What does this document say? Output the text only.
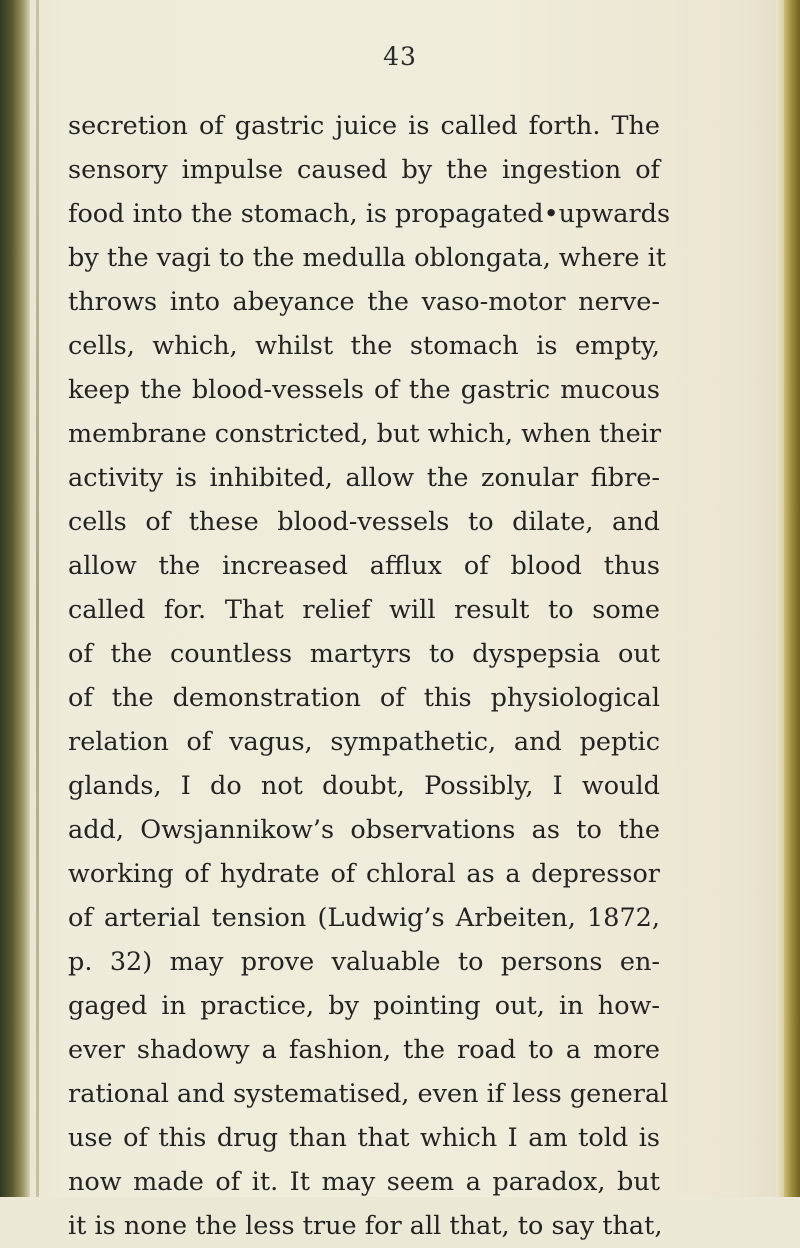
43
secretion of gastric juice is called forth. The
sensory impulse caused by the ingestion of
food into the stomach, is propagated•upwards
by the vagi to the medulla oblongata, where it
throws into abeyance the vaso-motor nerve-
cells, which, whilst the stomach is empty,
keep the blood-vessels of the gastric mucous
membrane constricted, but which, when their
activity is inhibited, allow the zonular fibre-
cells of these blood-vessels to dilate, and
allow the increased afflux of blood thus
called for. That relief will result to some
of the countless martyrs to dyspepsia out
of the demonstration of this physiological
relation of vagus, sympathetic, and peptic
glands, I do not doubt, Possibly, I would
add, Owsjannikow’s observations as to the
working of hydrate of chloral as a depressor
of arterial tension (Ludwig’s Arbeiten, 1872,
p. 32) may prove valuable to persons en-
gaged in practice, by pointing out, in how-
ever shadowy a fashion, the road to a more
rational and systematised, even if less general
use of this drug than that which I am told is
now made of it. It may seem a paradox, but
it is none the less true for all that, to say that,
